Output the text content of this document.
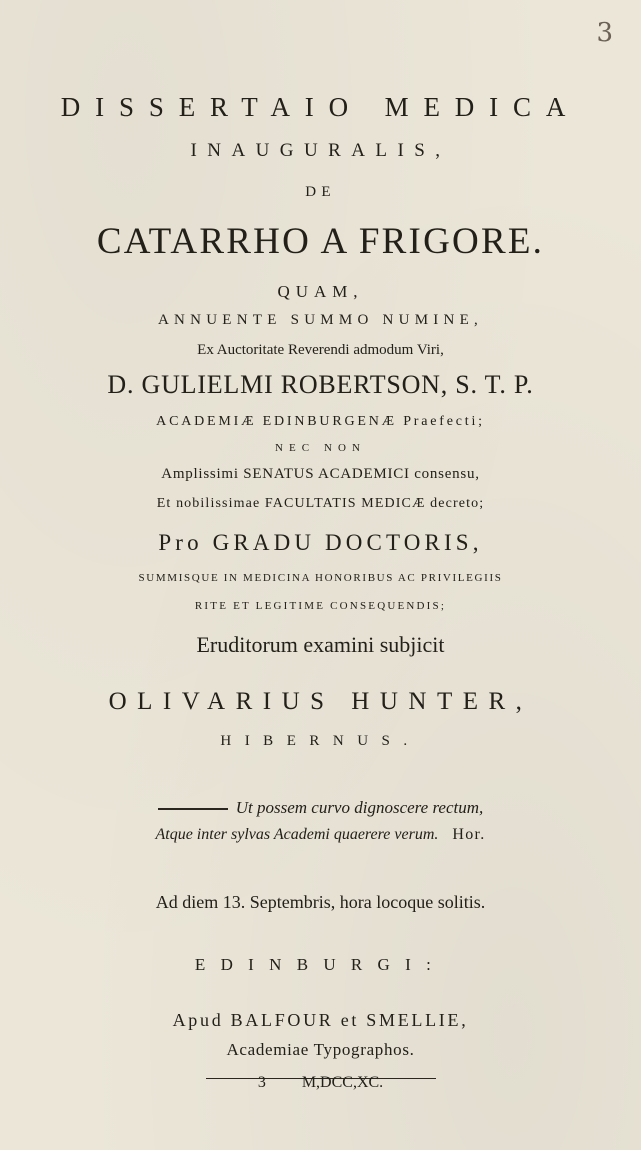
3
DISSERTAIO MEDICA
INAUGURALIS,
DE
CATARRHO A FRIGORE.
QUAM,
ANNUENTE SUMMO NUMINE,
Ex Auctoritate Reverendi admodum Viri,
D. GULIELMI ROBERTSON, S. T. P.
ACADEMIÆ EDINBURGENÆ Praefecti;
NEC NON
Amplissimi SENATUS ACADEMICI consensu,
Et nobilissimae FACULTATIS MEDICÆ decreto;
Pro GRADU DOCTORIS,
SUMMISQUE IN MEDICINA HONORIBUS AC PRIVILEGIIS
RITE ET LEGITIME CONSEQUENDIS;
Eruditorum examini subjicit
OLIVARIUS HUNTER,
HIBERNUS.
Ut possem curvo dignoscere rectum,
Atque inter sylvas Academi quaerere verum. Hor.
Ad diem 13. Septembris, hora locoque solitis.
EDINBURGI:
Apud BALFOUR et SMELLIE,
Academiae Typographos.
3 M,DCC,XC.
